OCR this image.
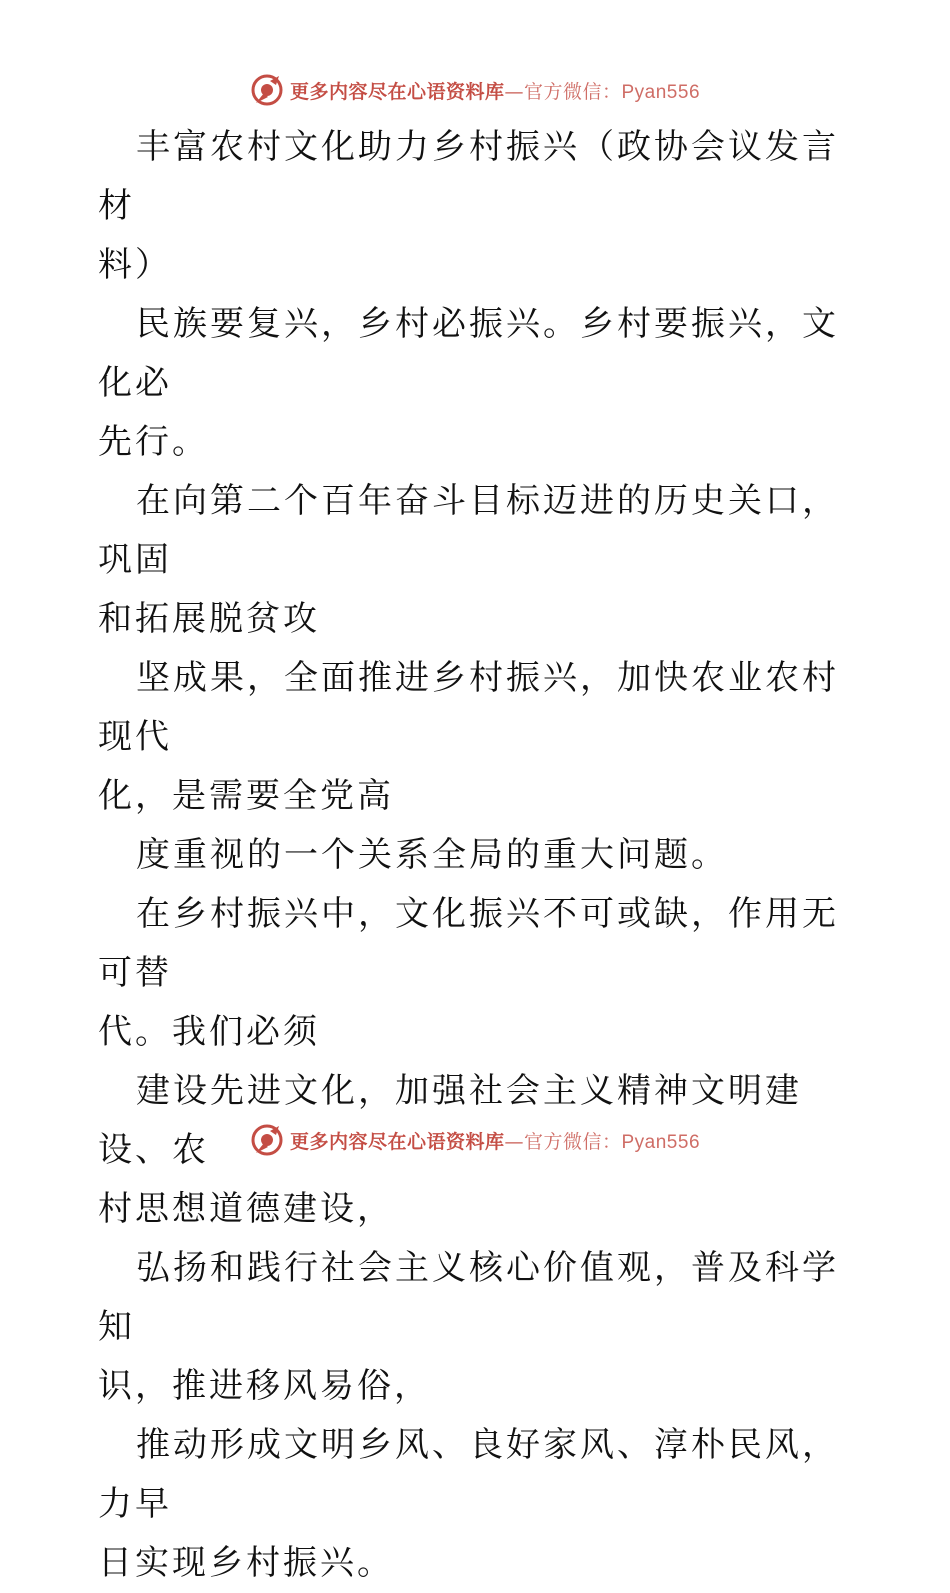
更多内容尽在心语资料库—官方微信：Pyan556

丰富农村文化助力乡村振兴（政协会议发言材
料）

民族要复兴，乡村必振兴。乡村要振兴，文化必
先行。

在向第二个百年奋斗目标迈进的历史关口，巩固
和拓展脱贫攻

坚成果，全面推进乡村振兴，加快农业农村现代
化，是需要全党高

度重视的一个关系全局的重大问题。

在乡村振兴中，文化振兴不可或缺，作用无可替
代。我们必须

建设先进文化，加强社会主义精神文明建设、农
村思想道德建设，

弘扬和践行社会主义核心价值观，普及科学知
识，推进移风易俗，

推动形成文明乡风、良好家风、淳朴民风，力早
日实现乡村振兴。

更多内容尽在心语资料库—官方微信：Pyan556
